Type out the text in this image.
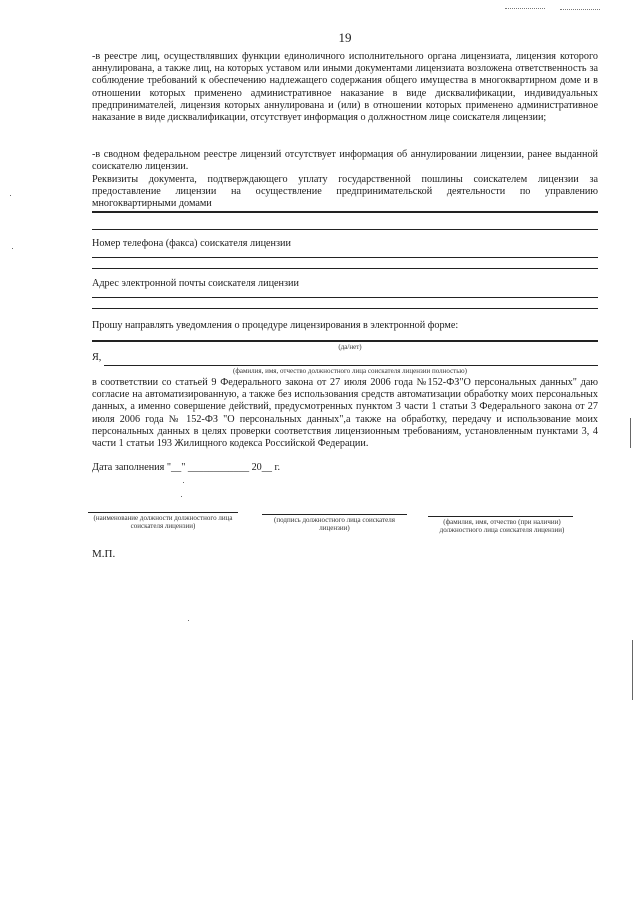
19
-в реестре лиц, осуществлявших функции единоличного исполнительного органа лицензиата, лицензия которого аннулирована, а также лиц, на которых уставом или иными документами лицензиата возложена ответственность за соблюдение требований к обеспечению надлежащего содержания общего имущества в многоквартирном доме и в отношении которых применено административное наказание в виде дисквалификации, индивидуальных предпринимателей, лицензия которых аннулирована и (или) в отношении которых применено административное наказание в виде дисквалификации, отсутствует информация о должностном лице соискателя лицензии;
-в сводном федеральном реестре лицензий отсутствует информация об аннулировании лицензии, ранее выданной соискателю лицензии.
Реквизиты документа, подтверждающего уплату государственной пошлины соискателем лицензии за предоставление лицензии на осуществление предпринимательской деятельности по управлению многоквартирными домами
Номер телефона (факса) соискателя лицензии
Адрес электронной почты соискателя лицензии
Прошу направлять уведомления о процедуре лицензирования в электронной форме:
(да/нет)
Я,
(фамилия, имя, отчество должностного лица соискателя лицензии полностью)
в соответствии со статьей 9 Федерального закона от 27 июля 2006 года №152-ФЗ"О персональных данных" даю согласие на автоматизированную, а также без использования средств автоматизации обработку моих персональных данных, а именно совершение действий, предусмотренных пунктом 3 части 1 статьи 3 Федерального закона от 27 июля 2006 года № 152-ФЗ "О персональных данных",а также на обработку, передачу и использование моих персональных данных в целях проверки соответствия лицензионным требованиям, установленным пунктами 3, 4 части 1 статьи 193 Жилищного кодекса Российской Федерации.
Дата заполнения "__" ____________ 20__ г.
(наименование должности должностного лица соискателя лицензии)
(подпись должностного лица соискателя лицензии)
(фамилия, имя, отчество (при наличии) должностного лица соискателя лицензии)
М.П.
